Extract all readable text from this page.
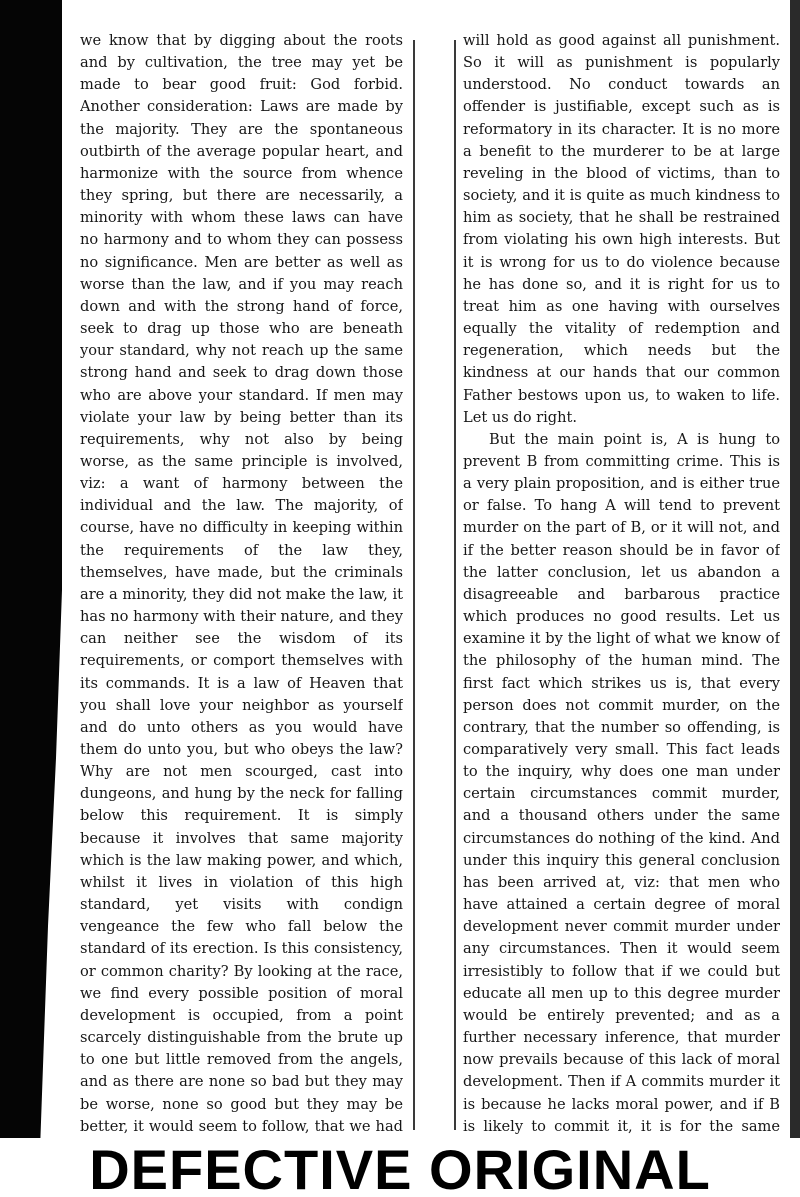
we know that by digging about the roots and by cultivation, the tree may yet be made to bear good fruit: God forbid. Another consideration: Laws are made by the majority. They are the spontaneous outbirth of the average popular heart, and harmonize with the source from whence they spring, but there are necessarily, a minority with whom these laws can have no harmony and to whom they can possess no significance. Men are better as well as worse than the law, and if you may reach down and with the strong hand of force, seek to drag up those who are beneath your standard, why not reach up the same strong hand and seek to drag down those who are above your standard. If men may violate your law by being better than its requirements, why not also by being worse, as the same principle is involved, viz: a want of harmony between the individual and the law. The majority, of course, have no difficulty in keeping within the requirements of the law they, themselves, have made, but the criminals are a minority, they did not make the law, it has no harmony with their nature, and they can neither see the wisdom of its requirements, or comport themselves with its commands. It is a law of Heaven that you shall love your neighbor as yourself and do unto others as you would have them do unto you, but who obeys the law? Why are not men scourged, cast into dungeons, and hung by the neck for falling below this requirement. It is simply because it involves that same majority which is the law making power, and which, whilst it lives in violation of this high standard, yet visits with condign vengeance the few who fall below the standard of its erection. Is this consistency, or common charity? By looking at the race, we find every possible position of moral development is occupied, from a point scarcely distinguishable from the brute up to one but little removed from the angels, and as there are none so bad but they may be worse, none so good but they may be better, it would seem to follow, that we had

will hold as good against all punishment. So it will as punishment is popularly understood. No conduct towards an offender is justifiable, except such as is reformatory in its character. It is no more a benefit to the murderer to be at large reveling in the blood of victims, than to society, and it is quite as much kindness to him as society, that he shall be restrained from violating his own high interests. But it is wrong for us to do violence because he has done so, and it is right for us to treat him as one having with ourselves equally the vitality of redemption and regeneration, which needs but the kindness at our hands that our common Father bestows upon us, to waken to life. Let us do right.

But the main point is, A is hung to prevent B from committing crime. This is a very plain proposition, and is either true or false. To hang A will tend to prevent murder on the part of B, or it will not, and if the better reason should be in favor of the latter conclusion, let us abandon a disagreeable and barbarous practice which produces no good results. Let us examine it by the light of what we know of the philosophy of the human mind. The first fact which strikes us is, that every person does not commit murder, on the contrary, that the number so offending, is comparatively very small. This fact leads to the inquiry, why does one man under certain circumstances commit murder, and a thousand others under the same circumstances do nothing of the kind. And under this inquiry this general conclusion has been arrived at, viz: that men who have attained a certain degree of moral development never commit murder under any circumstances. Then it would seem irresistibly to follow that if we could but educate all men up to this degree murder would be entirely prevented; and as a further necessary inference, that murder now prevails because of this lack of moral development. Then if A commits murder it is because he lacks moral power, and if B is likely to commit it, it is for the same

DEFECTIVE ORIGINAL
